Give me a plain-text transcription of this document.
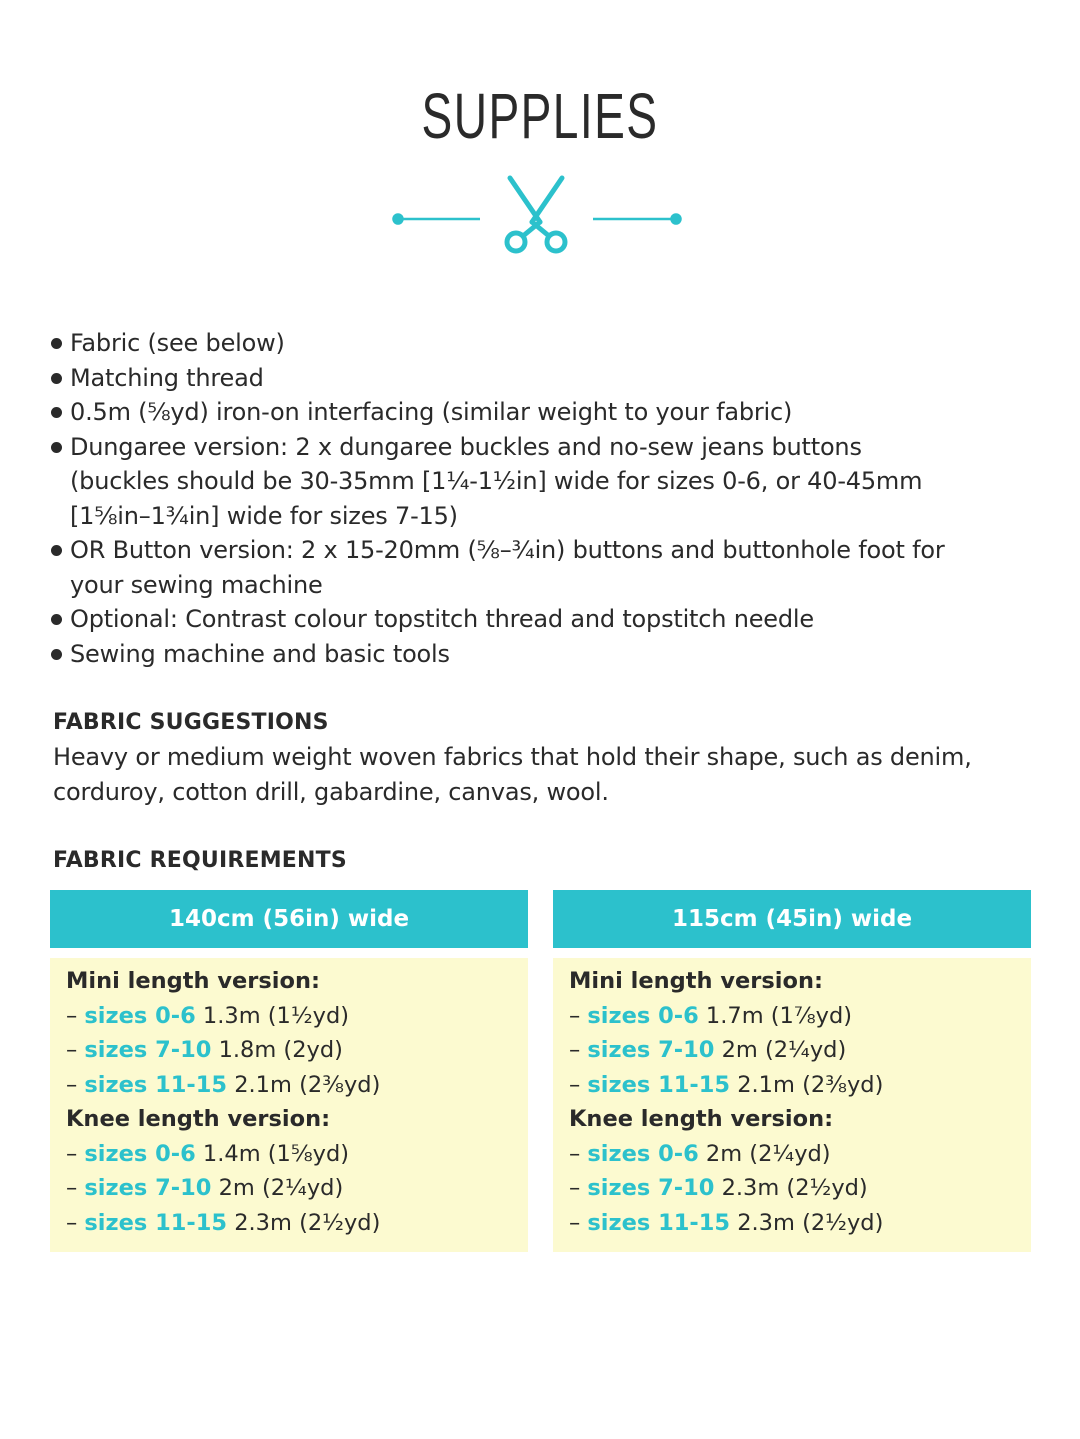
SUPPLIES
Fabric (see below)
Matching thread
0.5m (⅝yd) iron-on interfacing (similar weight to your fabric)
Dungaree version: 2 x dungaree buckles and no-sew jeans buttons
(buckles should be 30-35mm [1¼-1½in] wide for sizes 0-6, or 40-45mm
[1⅝in–1¾in] wide for sizes 7-15)
OR Button version: 2 x 15-20mm (⅝–¾in) buttons and buttonhole foot for
your sewing machine
Optional: Contrast colour topstitch thread and topstitch needle
Sewing machine and basic tools
FABRIC SUGGESTIONS
Heavy or medium weight woven fabrics that hold their shape, such as denim,
corduroy, cotton drill, gabardine, canvas, wool.
FABRIC REQUIREMENTS
140cm (56in) wide
Mini length version:
– sizes 0-6 1.3m (1½yd)
– sizes 7-10 1.8m (2yd)
– sizes 11-15 2.1m (2⅜yd)
Knee length version:
– sizes 0-6 1.4m (1⅝yd)
– sizes 7-10 2m (2¼yd)
– sizes 11-15 2.3m (2½yd)
115cm (45in) wide
Mini length version:
– sizes 0-6 1.7m (1⅞yd)
– sizes 7-10 2m (2¼yd)
– sizes 11-15 2.1m (2⅜yd)
Knee length version:
– sizes 0-6 2m (2¼yd)
– sizes 7-10 2.3m (2½yd)
– sizes 11-15 2.3m (2½yd)
